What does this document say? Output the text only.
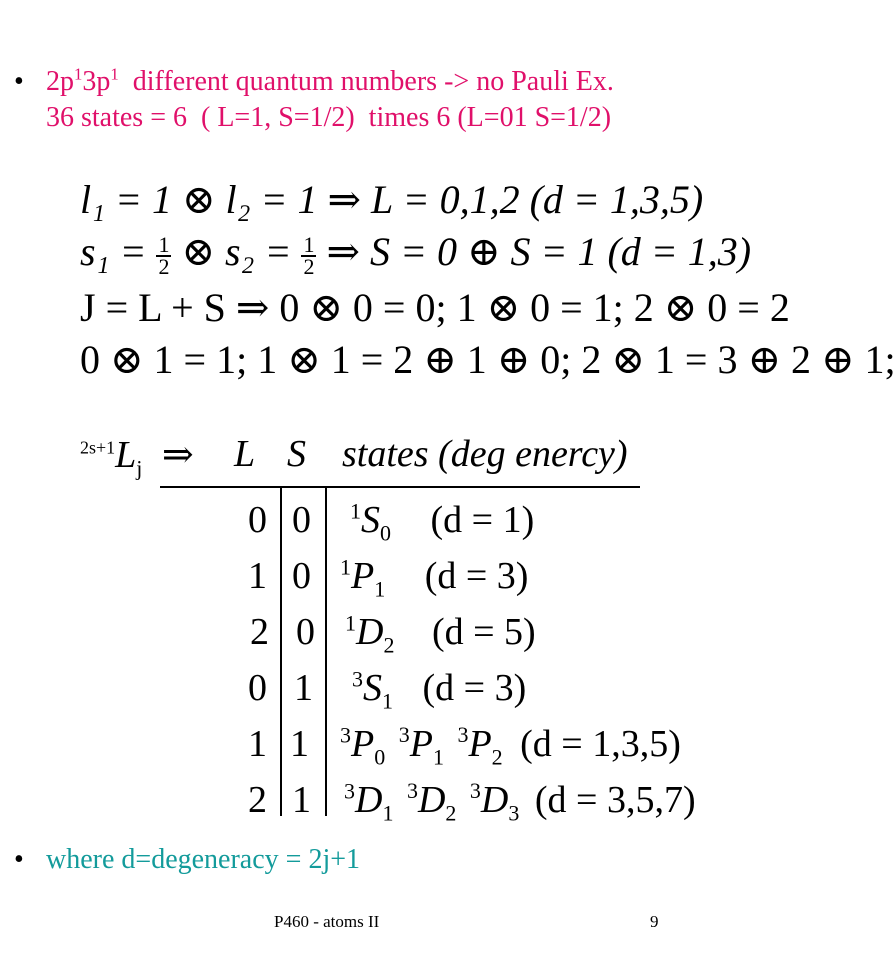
• $2p^13p^1$  different quantum numbers -> no Pauli Ex.
36 states = 6  ( L=1, S=1/2)  times 6 (L=01 S=1/2)
l₁ = 1 ⊗ l₂ = 1 ⇒ L = 0,1,2 (d = 1,3,5)
$s_1 = \frac{1}{2}$ ⊗ $s_2 = \frac{1}{2}$ ⇒ S = 0 ⊕ S = 1 (d = 1,3)
J = L + S ⇒ 0 ⊗ 0 = 0; 1 ⊗ 0 = 1; 2 ⊗ 0 = 2
0 ⊗ 1 = 1; 1 ⊗ 1 = 2 ⊕ 1 ⊕ 0; 2 ⊗ 1 = 3 ⊕ 2 ⊕ 1;
$^{2s+1}L_j$ ⇒ L S states (deg enercy)
0 0 $^1S_0$ (d = 1)
1 0 $^1P_1$ (d = 3)
2 0 $^1D_2$ (d = 5)
0 1 $^3S_1$ (d = 3)
1 1 $^3P_0$ $^3P_1$ $^3P_2$ (d = 1,3,5)
2 1 $^3D_1$ $^3D_2$ $^3D_3$ (d = 3,5,7)
• where d=degeneracy = 2j+1
P460 - atoms II	9
